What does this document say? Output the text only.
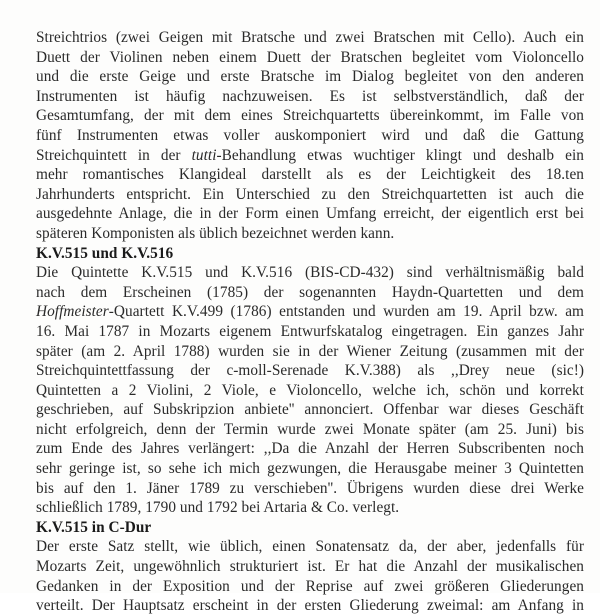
Streichtrios (zwei Geigen mit Bratsche und zwei Bratschen mit Cello). Auch ein
Duett der Violinen neben einem Duett der Bratschen begleitet vom Violoncello
und die erste Geige und erste Bratsche im Dialog begleitet von den anderen
Instrumenten ist häufig nachzuweisen. Es ist selbstverständlich, daß der
Gesamtumfang, der mit dem eines Streichquartetts übereinkommt, im Falle von
fünf Instrumenten etwas voller auskomponiert wird und daß die Gattung
Streichquintett in der tutti-Behandlung etwas wuchtiger klingt und deshalb ein
mehr romantisches Klangideal darstellt als es der Leichtigkeit des 18.ten
Jahrhunderts entspricht. Ein Unterschied zu den Streichquartetten ist auch die
ausgedehnte Anlage, die in der Form einen Umfang erreicht, der eigentlich erst bei
späteren Komponisten als üblich bezeichnet werden kann.
K.V.515 und K.V.516
Die Quintette K.V.515 und K.V.516 (BIS-CD-432) sind verhältnismäßig bald
nach dem Erscheinen (1785) der sogenannten Haydn-Quartetten und dem
Hoffmeister-Quartett K.V.499 (1786) entstanden und wurden am 19. April bzw. am
16. Mai 1787 in Mozarts eigenem Entwurfskatalog eingetragen. Ein ganzes Jahr
später (am 2. April 1788) wurden sie in der Wiener Zeitung (zusammen mit der
Streichquintettfassung der c-moll-Serenade K.V.388) als ,,Drey neue (sic!)
Quintetten a 2 Violini, 2 Viole, e Violoncello, welche ich, schön und korrekt
geschrieben, auf Subskripzion anbiete'' annonciert. Offenbar war dieses Geschäft
nicht erfolgreich, denn der Termin wurde zwei Monate später (am 25. Juni) bis
zum Ende des Jahres verlängert: ,,Da die Anzahl der Herren Subscribenten noch
sehr geringe ist, so sehe ich mich gezwungen, die Herausgabe meiner 3 Quintetten
bis auf den 1. Jäner 1789 zu verschieben''. Übrigens wurden diese drei Werke
schließlich 1789, 1790 und 1792 bei Artaria & Co. verlegt.
K.V.515 in C-Dur
Der erste Satz stellt, wie üblich, einen Sonatensatz da, der aber, jedenfalls für
Mozarts Zeit, ungewöhnlich strukturiert ist. Er hat die Anzahl der musikalischen
Gedanken in der Exposition und der Reprise auf zwei größeren Gliederungen
verteilt. Der Hauptsatz erscheint in der ersten Gliederung zweimal: am Anfang in
